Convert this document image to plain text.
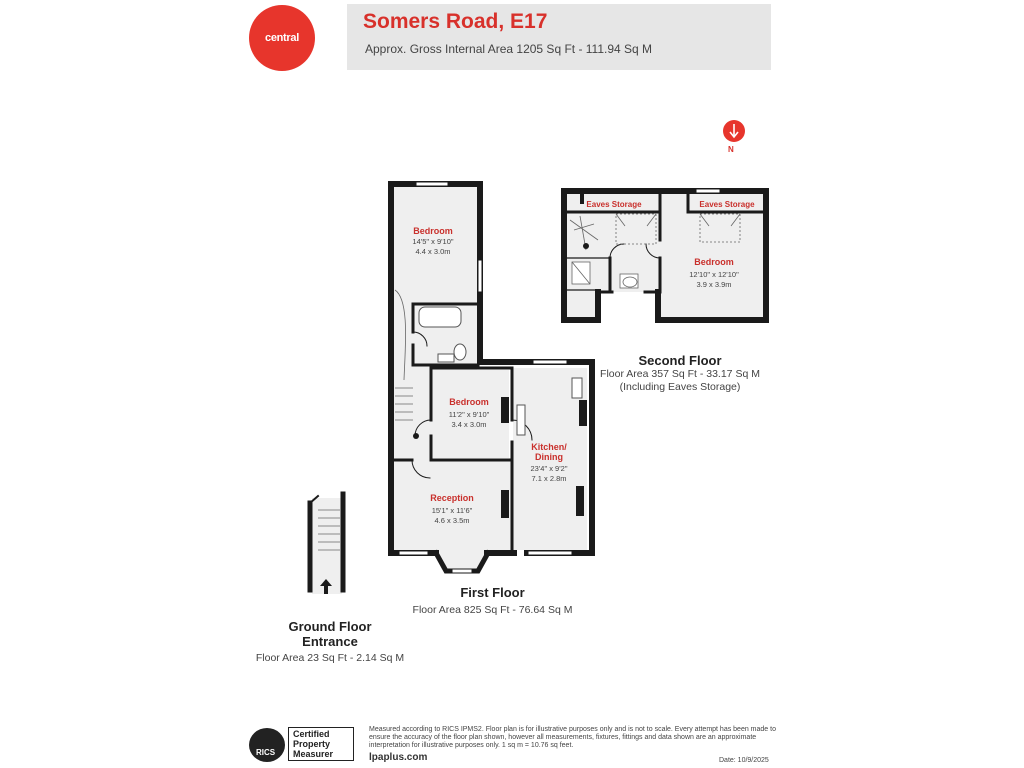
central
Somers Road, E17
Approx. Gross Internal Area 1205 Sq Ft - 111.94 Sq M
N
Bedroom
14'5" x 9'10"
4.4 x 3.0m
Bedroom
11'2" x 9'10"
3.4 x 3.0m
Kitchen/
Dining
23'4" x 9'2"
7.1 x 2.8m
Reception
15'1" x 11'6"
4.6 x 3.5m
Bedroom
12'10" x 12'10"
3.9 x 3.9m
Eaves Storage	Eaves Storage
Second Floor
Floor Area 357 Sq Ft - 33.17 Sq M
(Including Eaves Storage)
First Floor
Floor Area 825 Sq Ft - 76.64 Sq M
Ground Floor
Entrance
Floor Area 23 Sq Ft - 2.14 Sq M
RICS
Certified
Property
Measurer
Measured according to RICS IPMS2. Floor plan is for illustrative purposes only and is not to scale. Every attempt has been made to ensure the accuracy of the floor plan shown, however all measurements, fixtures, fittings and data shown are an approximate interpretation for illustrative purposes only. 1 sq m = 10.76 sq feet.
lpaplus.com	Date: 10/9/2025
